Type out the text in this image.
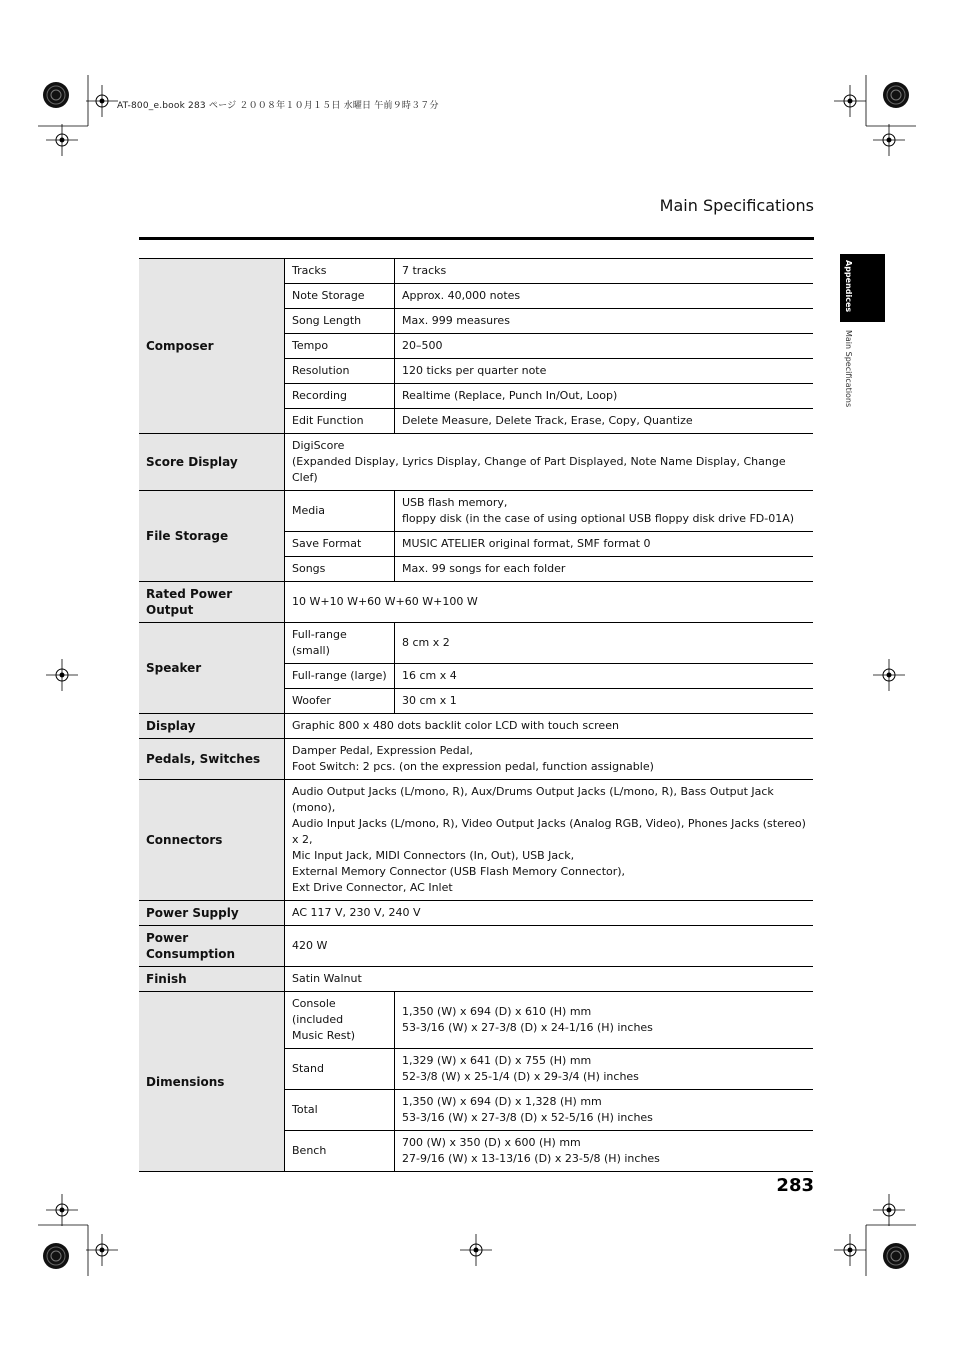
AT-800_e.book 283 ページ ２００８年１０月１５日 水曜日 午前９時３７分
Main Specifications
Appendices
Main Specifications
Composer	Tracks	7 tracks
	Note Storage	Approx. 40,000 notes
	Song Length	Max. 999 measures
	Tempo	20–500
	Resolution	120 ticks per quarter note
	Recording	Realtime (Replace, Punch In/Out, Loop)
	Edit Function	Delete Measure, Delete Track, Erase, Copy, Quantize
Score Display	DigiScore
(Expanded Display, Lyrics Display, Change of Part Displayed, Note Name Display, Change Clef)	

File Storage	Media	USB flash memory,
floppy disk (in the case of using optional USB floppy disk drive FD-01A)

	Save Format	MUSIC ATELIER original format, SMF format 0
	Songs	Max. 99 songs for each folder
Rated Power Output	10 W+10 W+60 W+60 W+100 W	
Speaker	Full-range (small)	8 cm x 2
	Full-range (large)	16 cm x 4
	Woofer	30 cm x 1
Display	Graphic 800 x 480 dots backlit color LCD with touch screen	
Pedals, Switches	Damper Pedal, Expression Pedal,
Foot Switch: 2 pcs. (on the expression pedal, function assignable)	

Connectors	Audio Output Jacks (L/mono, R), Aux/Drums Output Jacks (L/mono, R), Bass Output Jack (mono),
Audio Input Jacks (L/mono, R), Video Output Jacks (Analog RGB, Video), Phones Jacks (stereo) x 2,
Mic Input Jack, MIDI Connectors (In, Out), USB Jack,
External Memory Connector (USB Flash Memory Connector),
Ext Drive Connector, AC Inlet	

Power Supply	AC 117 V, 230 V, 240 V	
Power Consumption	420 W	
Finish	Satin Walnut	
Dimensions	Console (included
Music Rest)	1,350 (W) x 694 (D) x 610 (H) mm
53-3/16 (W) x 27-3/8 (D) x 24-1/16 (H) inches

	Stand	1,329 (W) x 641 (D) x 755 (H) mm
52-3/8 (W) x 25-1/4 (D) x 29-3/4 (H) inches

	Total	1,350 (W) x 694 (D) x 1,328 (H) mm
53-3/16 (W) x 27-3/8 (D) x 52-5/16 (H) inches

	Bench	700 (W) x 350 (D) x 600 (H) mm
27-9/16 (W) x 13-13/16 (D) x 23-5/8 (H) inches
283
